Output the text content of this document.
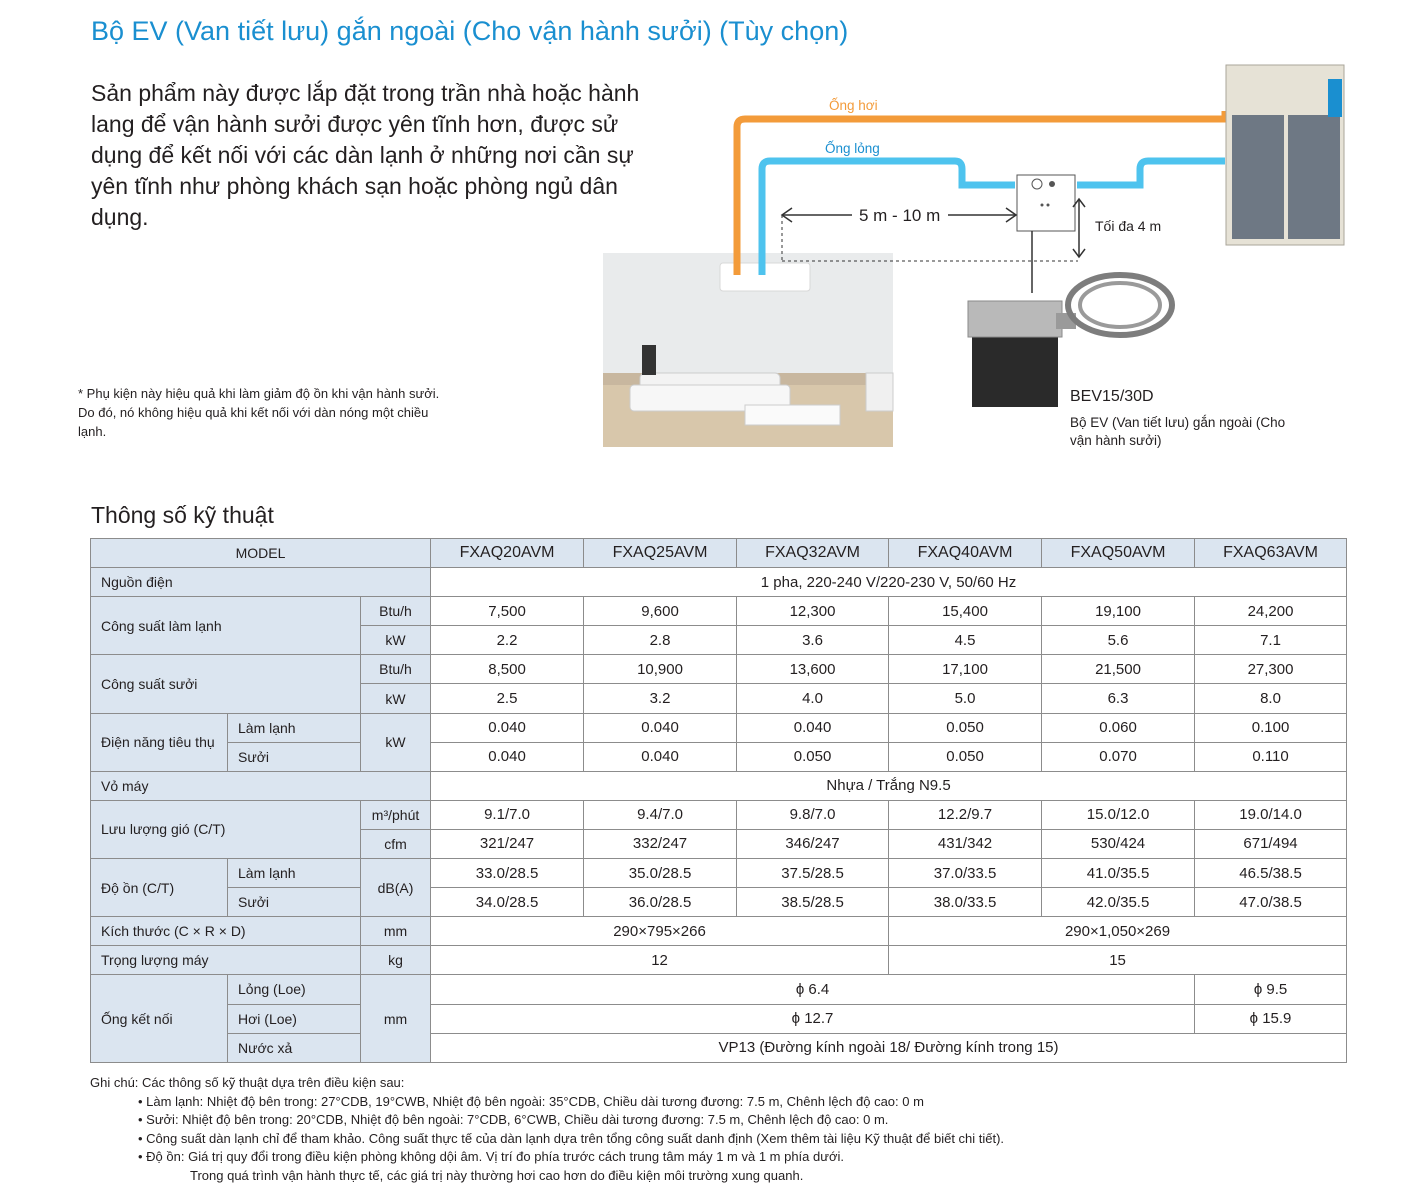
Bộ EV (Van tiết lưu) gắn ngoài (Cho vận hành sưởi) (Tùy chọn)
Sản phẩm này được lắp đặt trong trần nhà hoặc hành lang để vận hành sưởi được yên tĩnh hơn, được sử dụng để kết nối với các dàn lạnh ở những nơi cần sự yên tĩnh như phòng khách sạn hoặc phòng ngủ dân dụng.
* Phụ kiện này hiệu quả khi làm giảm độ ồn khi vận hành sưởi. Do đó, nó không hiệu quả khi kết nối với dàn nóng một chiều lạnh.
Ống hơi
Ống lỏng
5 m - 10 m
Tối đa 4 m
BEV15/30D
Bộ EV (Van tiết lưu) gắn ngoài (Cho vận hành sưởi)
Thông số kỹ thuật
MODEL			FXAQ20AVM	FXAQ25AVM	FXAQ32AVM	FXAQ40AVM	FXAQ50AVM	FXAQ63AVM
Nguồn điện			1 pha, 220-240 V/220-230 V, 50/60 Hz					
Công suất làm lạnh		Btu/h	7,500	9,600	12,300	15,400	19,100	24,200
		kW	2.2	2.8	3.6	4.5	5.6	7.1
Công suất sưởi		Btu/h	8,500	10,900	13,600	17,100	21,500	27,300
		kW	2.5	3.2	4.0	5.0	6.3	8.0
Điện năng tiêu thụ	Làm lạnh	kW	0.040	0.040	0.040	0.050	0.060	0.100
	Sưởi		0.040	0.040	0.050	0.050	0.070	0.110
Vỏ máy			Nhựa / Trắng N9.5					
Lưu lượng gió (C/T)		m³/phút	9.1/7.0	9.4/7.0	9.8/7.0	12.2/9.7	15.0/12.0	19.0/14.0
		cfm	321/247	332/247	346/247	431/342	530/424	671/494
Độ ồn (C/T)	Làm lạnh	dB(A)	33.0/28.5	35.0/28.5	37.5/28.5	37.0/33.5	41.0/35.5	46.5/38.5
	Sưởi		34.0/28.5	36.0/28.5	38.5/28.5	38.0/33.5	42.0/35.5	47.0/38.5
Kích thước (C × R × D)		mm	290×795×266			290×1,050×269		
Trọng lượng máy		kg	12			15		
Ống kết nối	Lỏng (Loe)	mm	ϕ 6.4					ϕ 9.5
	Hơi (Loe)		ϕ 12.7					ϕ 15.9
	Nước xả		VP13 (Đường kính ngoài 18/ Đường kính trong 15)					
Ghi chú: Các thông số kỹ thuật dựa trên điều kiện sau:
• Làm lạnh: Nhiệt độ bên trong: 27°CDB, 19°CWB, Nhiệt độ bên ngoài: 35°CDB, Chiều dài tương đương: 7.5 m, Chênh lệch độ cao: 0 m
• Sưởi: Nhiệt độ bên trong: 20°CDB, Nhiệt độ bên ngoài: 7°CDB, 6°CWB, Chiều dài tương đương: 7.5 m, Chênh lệch độ cao: 0 m.
• Công suất dàn lạnh chỉ để tham khảo. Công suất thực tế của dàn lạnh dựa trên tổng công suất danh định (Xem thêm tài liệu Kỹ thuật để biết chi tiết).
• Độ ồn: Giá trị quy đổi trong điều kiện phòng không dội âm. Vị trí đo phía trước cách trung tâm máy 1 m và 1 m phía dưới.
Trong quá trình vận hành thực tế, các giá trị này thường hơi cao hơn do điều kiện môi trường xung quanh.
